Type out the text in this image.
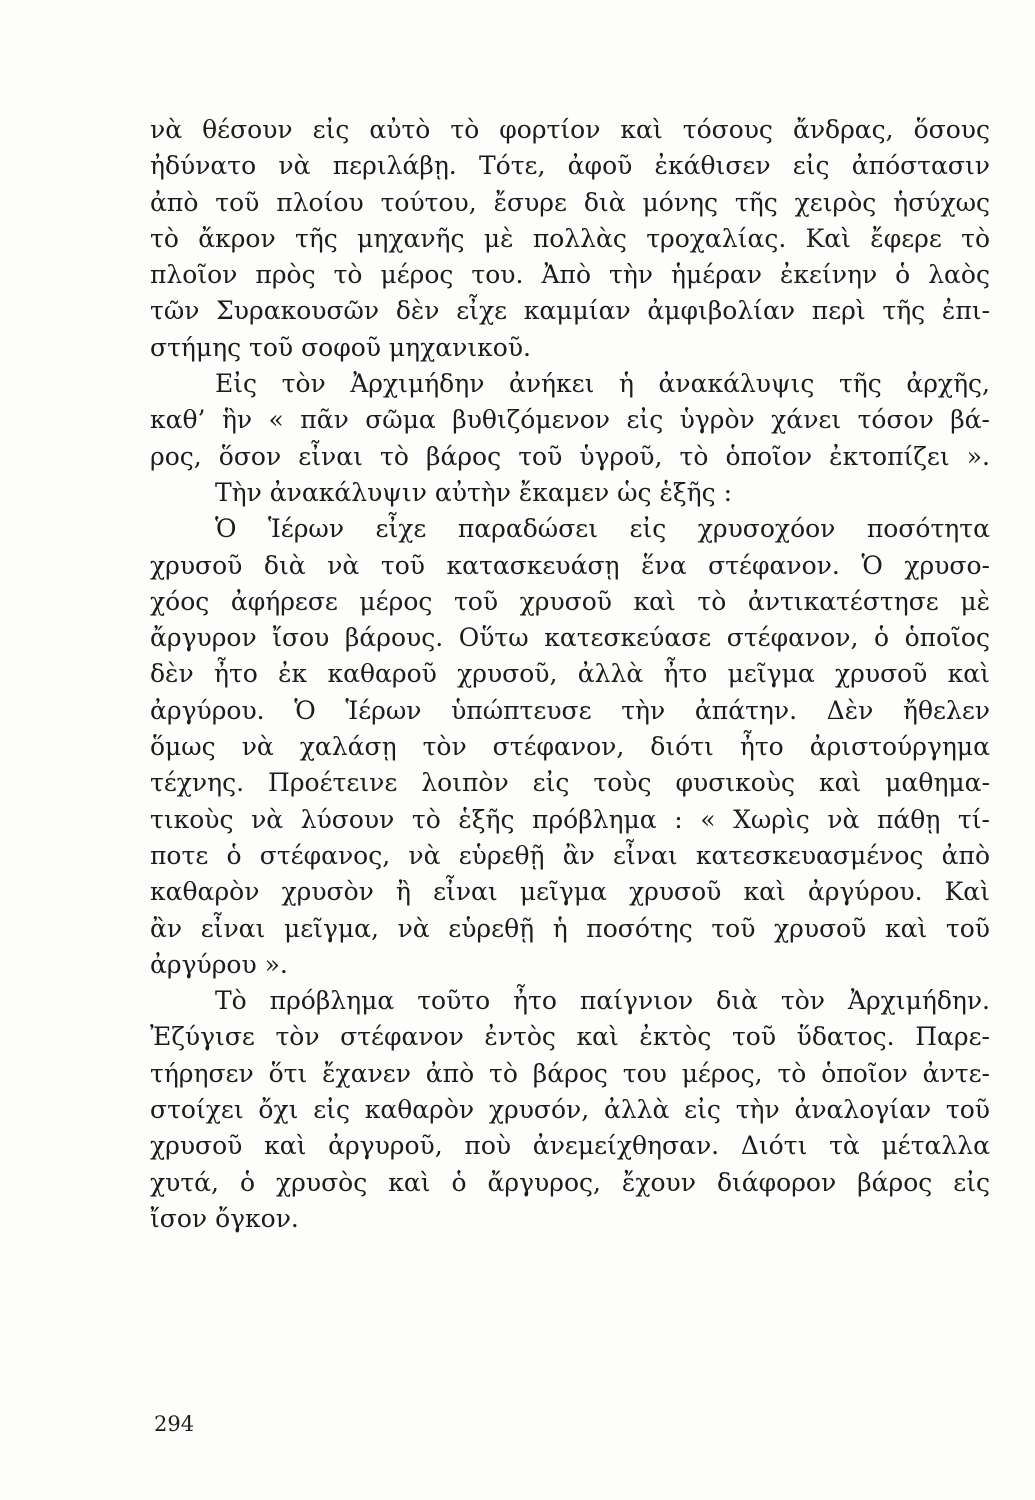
νὰ θέσουν εἰς αὐτὸ τὸ φορτίον καὶ τόσους ἄνδρας, ὅσους
ἠδύνατο νὰ περιλάβῃ. Τότε, ἀφοῦ ἐκάθισεν εἰς ἀπόστασιν
ἀπὸ τοῦ πλοίου τούτου, ἔσυρε διὰ μόνης τῆς χειρὸς ἡσύχως
τὸ ἄκρον τῆς μηχανῆς μὲ πολλὰς τροχαλίας. Καὶ ἔφερε τὸ
πλοῖον πρὸς τὸ μέρος του. Ἀπὸ τὴν ἡμέραν ἐκείνην ὁ λαὸς
τῶν Συρακουσῶν δὲν εἶχε καμμίαν ἀμφιβολίαν περὶ τῆς ἐπι-
στήμης τοῦ σοφοῦ μηχανικοῦ.

Εἰς τὸν Ἀρχιμήδην ἀνήκει ἡ ἀνακάλυψις τῆς ἀρχῆς,
καθ’ ἣν « πᾶν σῶμα βυθιζόμενον εἰς ὑγρὸν χάνει τόσον βά-
ρος, ὅσον εἶναι τὸ βάρος τοῦ ὑγροῦ, τὸ ὁποῖον ἐκτοπίζει ».

Τὴν ἀνακάλυψιν αὐτὴν ἔκαμεν ὡς ἑξῆς :

Ὁ Ἱέρων εἶχε παραδώσει εἰς χρυσοχόον ποσότητα
χρυσοῦ διὰ νὰ τοῦ κατασκευάσῃ ἕνα στέφανον. Ὁ χρυσο-
χόος ἀφήρεσε μέρος τοῦ χρυσοῦ καὶ τὸ ἀντικατέστησε μὲ
ἄργυρον ἴσου βάρους. Οὕτω κατεσκεύασε στέφανον, ὁ ὁποῖος
δὲν ἦτο ἐκ καθαροῦ χρυσοῦ, ἀλλὰ ἦτο μεῖγμα χρυσοῦ καὶ
ἀργύρου. Ὁ Ἱέρων ὑπώπτευσε τὴν ἀπάτην. Δὲν ἤθελεν
ὅμως νὰ χαλάσῃ τὸν στέφανον, διότι ἦτο ἀριστούργημα
τέχνης. Προέτεινε λοιπὸν εἰς τοὺς φυσικοὺς καὶ μαθημα-
τικοὺς νὰ λύσουν τὸ ἑξῆς πρόβλημα : « Χωρὶς νὰ πάθῃ τί-
ποτε ὁ στέφανος, νὰ εὑρεθῇ ἂν εἶναι κατεσκευασμένος ἀπὸ
καθαρὸν χρυσὸν ἢ εἶναι μεῖγμα χρυσοῦ καὶ ἀργύρου. Καὶ
ἂν εἶναι μεῖγμα, νὰ εὑρεθῇ ἡ ποσότης τοῦ χρυσοῦ καὶ τοῦ
ἀργύρου ».

Τὸ πρόβλημα τοῦτο ἦτο παίγνιον διὰ τὸν Ἀρχιμήδην.
Ἐζύγισε τὸν στέφανον ἐντὸς καὶ ἐκτὸς τοῦ ὕδατος. Παρε-
τήρησεν ὅτι ἔχανεν ἀπὸ τὸ βάρος του μέρος, τὸ ὁποῖον ἀντε-
στοίχει ὄχι εἰς καθαρὸν χρυσόν, ἀλλὰ εἰς τὴν ἀναλογίαν τοῦ
χρυσοῦ καὶ ἀργυροῦ, ποὺ ἀνεμείχθησαν. Διότι τὰ μέταλλα
χυτά, ὁ χρυσὸς καὶ ὁ ἄργυρος, ἔχουν διάφορον βάρος εἰς
ἴσον ὄγκον.

294
